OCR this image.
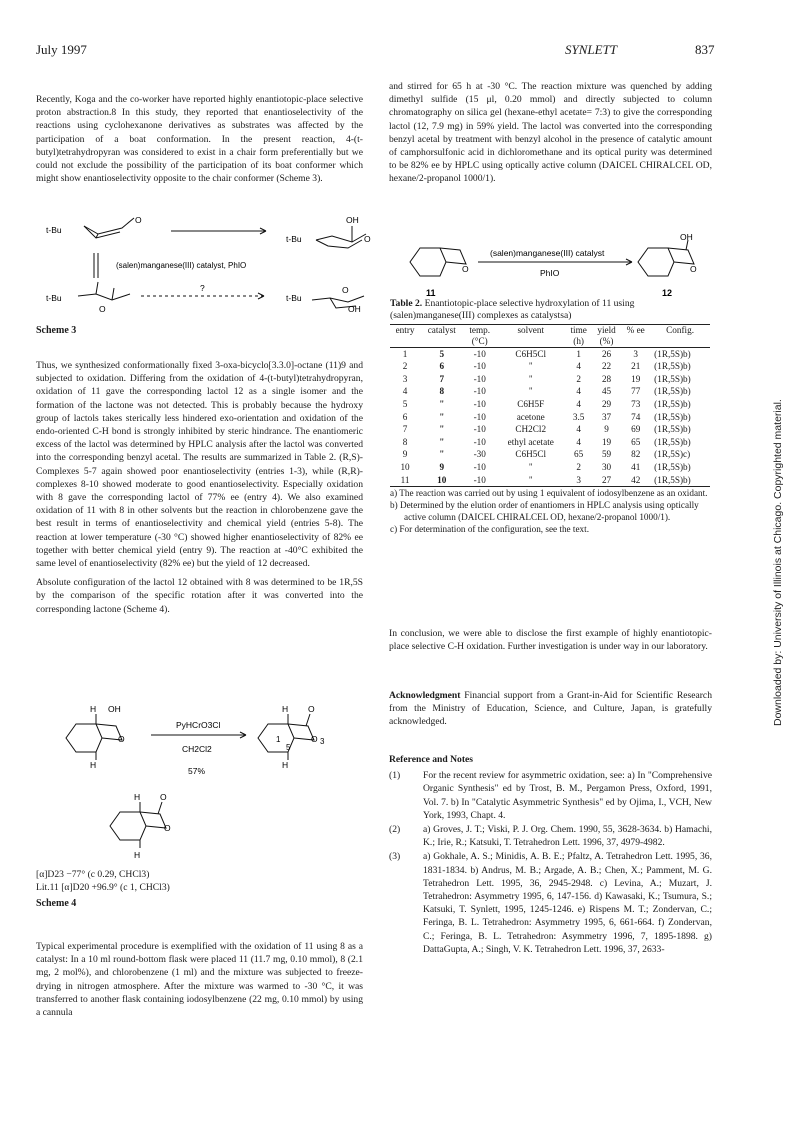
July 1997	SYNLETT	837

Recently, Koga and the co-worker have reported highly enantiotopic-place selective proton abstraction.8 In this study, they reported that enantioselectivity of the reactions using cyclohexanone derivatives as substrates was affected by the participation of a boat conformation. In the present reaction, 4-(t-butyl)tetrahydropyran was considered to exist in a chair form preferentially but we could not exclude the possibility of the participation of its boat conformer which might show enantioselectivity opposite to the chair conformer (Scheme 3).

t-Bu
O
t-Bu
OH
O
(salen)manganese(III) catalyst, PhIO
t-Bu
O
?
t-Bu
O
OH
Scheme 3

Thus, we synthesized conformationally fixed 3-oxa-bicyclo[3.3.0]-octane (11)9 and subjected to oxidation. Differing from the oxidation of 4-(t-butyl)tetrahydropyran, oxidation of 11 gave the corresponding lactol 12 as a single isomer and the formation of the lactone was not detected. This is probably because the hydroxy group of lactols takes sterically less hindered exo-orientation and oxidation of the endo-oriented C-H bond is strongly inhibited by steric hindrance. The enantiomeric excess of the lactol was determined by HPLC analysis after the lactol was converted into the corresponding benzyl acetal. The results are summarized in Table 2. (R,S)-Complexes 5-7 again showed poor enantioselectivity (entries 1-3), while (R,R)-complexes 8-10 showed moderate to good enantioselectivity. Especially oxidation with 8 gave the corresponding lactol of 77% ee (entry 4). We also examined oxidation of 11 with 8 in other solvents but the reaction in chlorobenzene gave the best result in terms of enantioselectivity and chemical yield (entries 5-8). The reaction at lower temperature (-30 °C) showed higher enantioselectivity of 82% ee together with better chemical yield (entry 9). The reaction at -40°C exhibited the same level of enantioselectivity (82% ee) but the yield of 12 decreased.

Absolute configuration of the lactol 12 obtained with 8 was determined to be 1R,5S by the comparison of the specific rotation after it was converted into the corresponding lactone (Scheme 4).

H OH
O
H
PyHCrO3Cl
CH2Cl2
57%
H O
1
5
O 3
H
H O
O
H

[α]D23 −77° (c 0.29, CHCl3)

Lit.11 [α]D20 +96.9° (c 1, CHCl3)

Scheme 4

Typical experimental procedure is exemplified with the oxidation of 11 using 8 as a catalyst: In a 10 ml round-bottom flask were placed 11 (11.7 mg, 0.10 mmol), 8 (2.1 mg, 2 mol%), and chlorobenzene (1 ml) and the mixture was subjected to freeze-drying in nitrogen atmosphere. After the mixture was warmed to -30 °C, it was transferred to another flask containing iodosylbenzene (22 mg, 0.10 mmol) by using a cannula

and stirred for 65 h at -30 °C. The reaction mixture was quenched by adding dimethyl sulfide (15 μl, 0.20 mmol) and directly subjected to column chromatography on silica gel (hexane-ethyl acetate= 7:3) to give the corresponding lactol (12, 7.9 mg) in 59% yield. The lactol was converted into the corresponding benzyl acetal by treatment with benzyl alcohol in the presence of catalytic amount of camphorsulfonic acid in dichloromethane and its optical purity was determined to be 82% ee by HPLC using optically active column (DAICEL CHIRALCEL OD, hexane/2-propanol 1000/1).

O
(salen)manganese(III) catalyst
PhIO
OH
O
11	12
Table 2. Enantiotopic-place selective hydroxylation of 11 using (salen)manganese(III) complexes as catalystsa)
entry	catalyst	temp.	solvent	time	yield	% ee	Config.
		(°C)		(h)	(%)		
1	5	-10	C6H5Cl	1	26	3	(1R,5S)b)
2	6	-10	"	4	22	21	(1R,5S)b)
3	7	-10	"	2	28	19	(1R,5S)b)
4	8	-10	"	4	45	77	(1R,5S)b)
5	"	-10	C6H5F	4	29	73	(1R,5S)b)
6	"	-10	acetone	3.5	37	74	(1R,5S)b)
7	"	-10	CH2Cl2	4	9	69	(1R,5S)b)
8	"	-10	ethyl acetate	4	19	65	(1R,5S)b)
9	"	-30	C6H5Cl	65	59	82	(1R,5S)c)
10	9	-10	"	2	30	41	(1R,5S)b)
11	10	-10	"	3	27	42	(1R,5S)b)

a) The reaction was carried out by using 1 equivalent of iodosylbenzene as an oxidant.

b) Determined by the elution order of enantiomers in HPLC analysis using optically active column (DAICEL CHIRALCEL OD, hexane/2-propanol 1000/1).

c) For determination of the configuration, see the text.

In conclusion, we were able to disclose the first example of highly enantiotopic-place selective C-H oxidation. Further investigation is under way in our laboratory.

Acknowledgment Financial support from a Grant-in-Aid for Scientific Research from the Ministry of Education, Science, and Culture, Japan, is gratefully acknowledged.

Reference and Notes

(1) For the recent review for asymmetric oxidation, see: a) In "Comprehensive Organic Synthesis" ed by Trost, B. M., Pergamon Press, Oxford, 1991, Vol. 7. b) In "Catalytic Asymmetric Synthesis" ed by Ojima, I., VCH, New York, 1993, Chapt. 4.

(2) a) Groves, J. T.; Viski, P. J. Org. Chem. 1990, 55, 3628-3634. b) Hamachi, K.; Irie, R.; Katsuki, T. Tetrahedron Lett. 1996, 37, 4979-4982.

(3) a) Gokhale, A. S.; Minidis, A. B. E.; Pfaltz, A. Tetrahedron Lett. 1995, 36, 1831-1834. b) Andrus, M. B.; Argade, A. B.; Chen, X.; Pamment, M. G. Tetrahedron Lett. 1995, 36, 2945-2948. c) Levina, A.; Muzart, J. Tetrahedron: Asymmetry 1995, 6, 147-156. d) Kawasaki, K.; Tsumura, S.; Katsuki, T. Synlett, 1995, 1245-1246. e) Rispens M. T.; Zondervan, C.; Feringa, B. L. Tetrahedron: Asymmetry 1995, 6, 661-664. f) Zondervan, C.; Feringa, B. L. Tetrahedron: Asymmetry 1996, 7, 1895-1898. g) DattaGupta, A.; Singh, V. K. Tetrahedron Lett. 1996, 37, 2633-

Downloaded by: University of Illinois at Chicago. Copyrighted material.
